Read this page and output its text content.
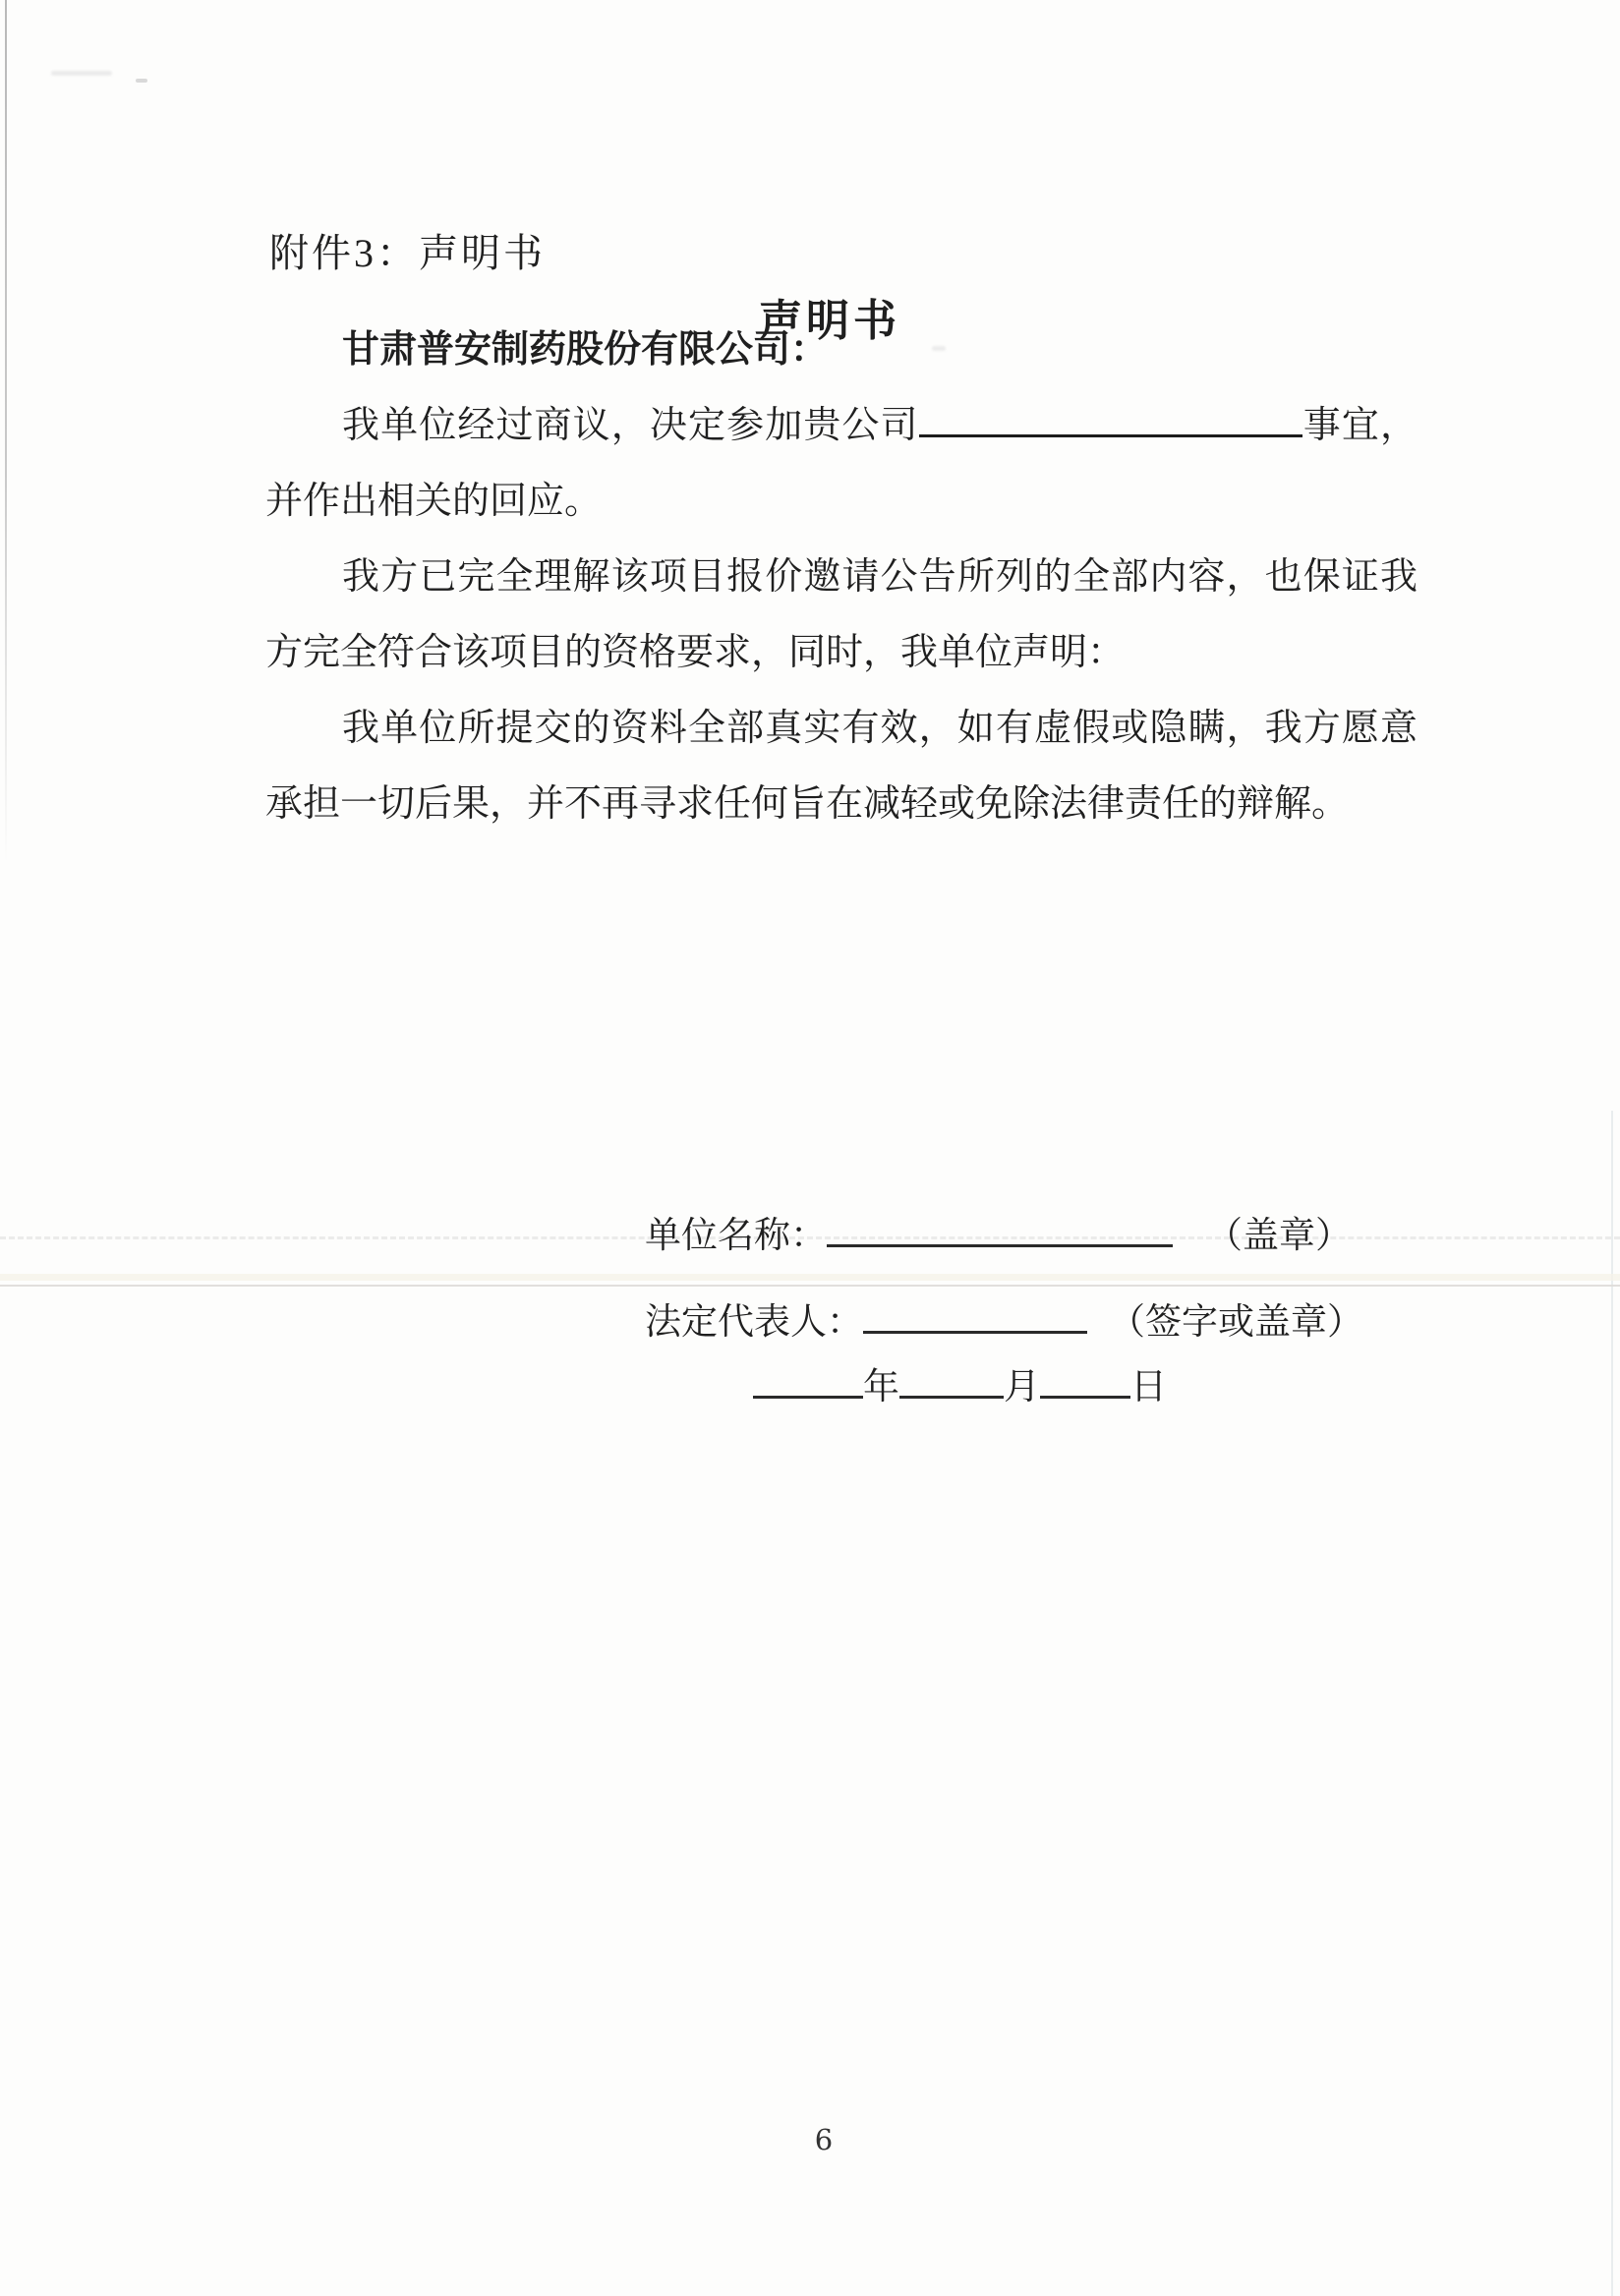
附件3：声明书
声明书

甘肃普安制药股份有限公司：

我单位经过商议，决定参加贵公司	事宜，并作出相关的回应。

我方已完全理解该项目报价邀请公告所列的全部内容，也保证我方完全符合该项目的资格要求，同时，我单位声明：

我单位所提交的资料全部真实有效，如有虚假或隐瞒，我方愿意承担一切后果，并不再寻求任何旨在减轻或免除法律责任的辩解。

单位名称：	（盖章）
法定代表人：	（签字或盖章）
年	月 日
6
